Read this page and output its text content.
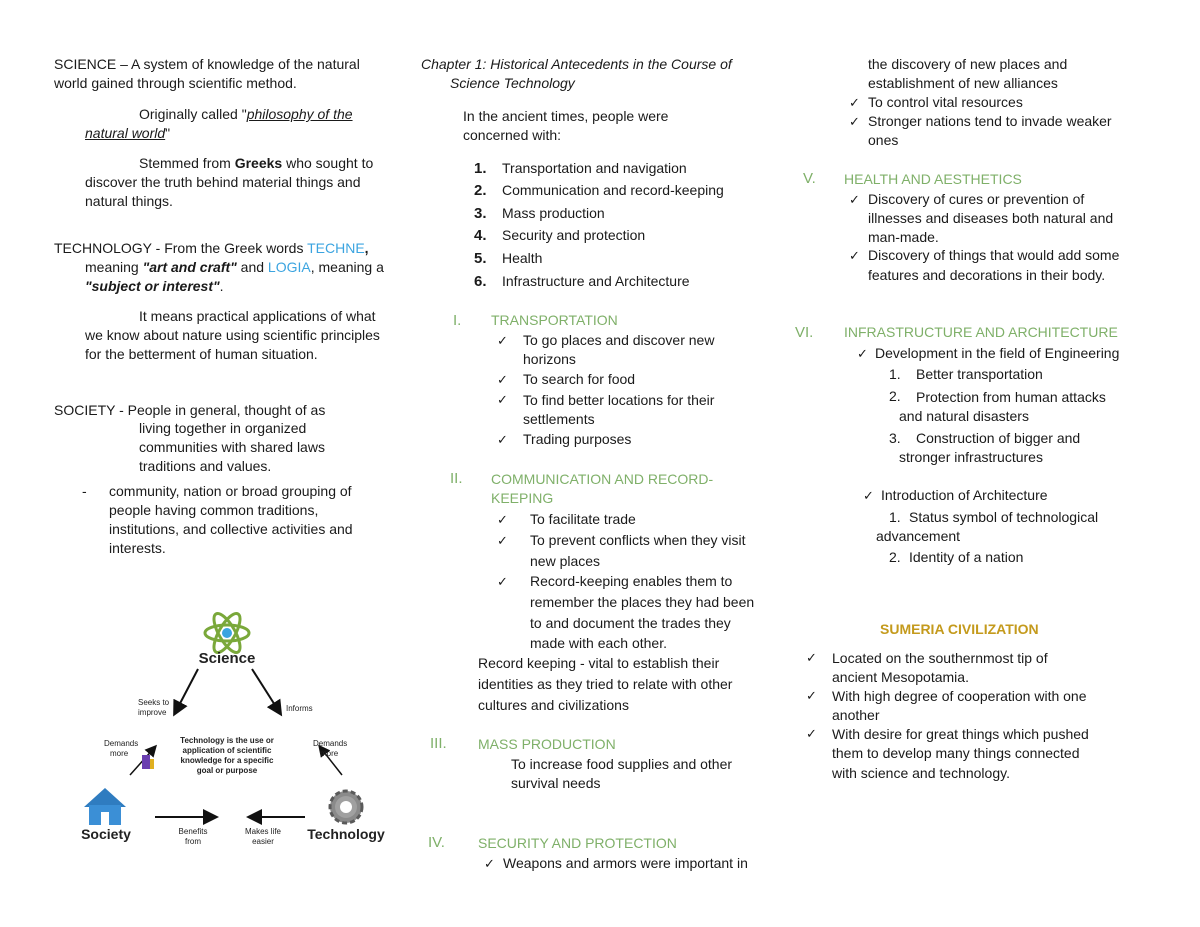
SCIENCE – A system of knowledge of the natural
world gained through scientific method.
Originally called "philosophy of the
natural world"
Stemmed from Greeks who sought to
discover the truth behind material things and
natural things.
TECHNOLOGY - From the Greek words TECHNE,
meaning "art and craft" and LOGIA, meaning a
"subject or interest".
It means practical applications of what
we know about nature using scientific principles
for the betterment of human situation.
SOCIETY - People in general, thought of as
living together in organized
communities with shared laws
traditions and values.
- community, nation or broad grouping of
people having common traditions,
institutions, and collective activities and
interests.
Science
Seeks to
improve	Informs
Demands
more
Demands
more
Technology is the use or
application of scientific
knowledge for a specific
goal or purpose
Society	Technology
Benefits
from
Makes life
easier
Chapter 1: Historical Antecedents in the Course of
Science Technology
In the ancient times, people were
concerned with:
1. Transportation and navigation
2. Communication and record-keeping
3. Mass production
4. Security and protection
5. Health
6. Infrastructure and Architecture
I. TRANSPORTATION
✓ To go places and discover new
horizons
✓ To search for food
✓ To find better locations for their
settlements
✓ Trading purposes
II. COMMUNICATION AND RECORD-
KEEPING
✓ To facilitate trade
✓ To prevent conflicts when they visit
new places
✓ Record-keeping enables them to
remember the places they had been
to and document the trades they
made with each other.
Record keeping - vital to establish their
identities as they tried to relate with other
cultures and civilizations
III. MASS PRODUCTION
To increase food supplies and other
survival needs
IV. SECURITY AND PROTECTION
✓ Weapons and armors were important in
the discovery of new places and
establishment of new alliances
✓ To control vital resources
✓ Stronger nations tend to invade weaker
ones
V. HEALTH AND AESTHETICS
✓ Discovery of cures or prevention of
illnesses and diseases both natural and
man-made.
✓ Discovery of things that would add some
features and decorations in their body.
VI. INFRASTRUCTURE AND ARCHITECTURE
✓ Development in the field of Engineering
1. Better transportation
2. Protection from human attacks
and natural disasters
3. Construction of bigger and
stronger infrastructures
✓ Introduction of Architecture
1. Status symbol of technological
advancement
2. Identity of a nation
SUMERIA CIVILIZATION
✓ Located on the southernmost tip of
ancient Mesopotamia.
✓ With high degree of cooperation with one
another
✓ With desire for great things which pushed
them to develop many things connected
with science and technology.
